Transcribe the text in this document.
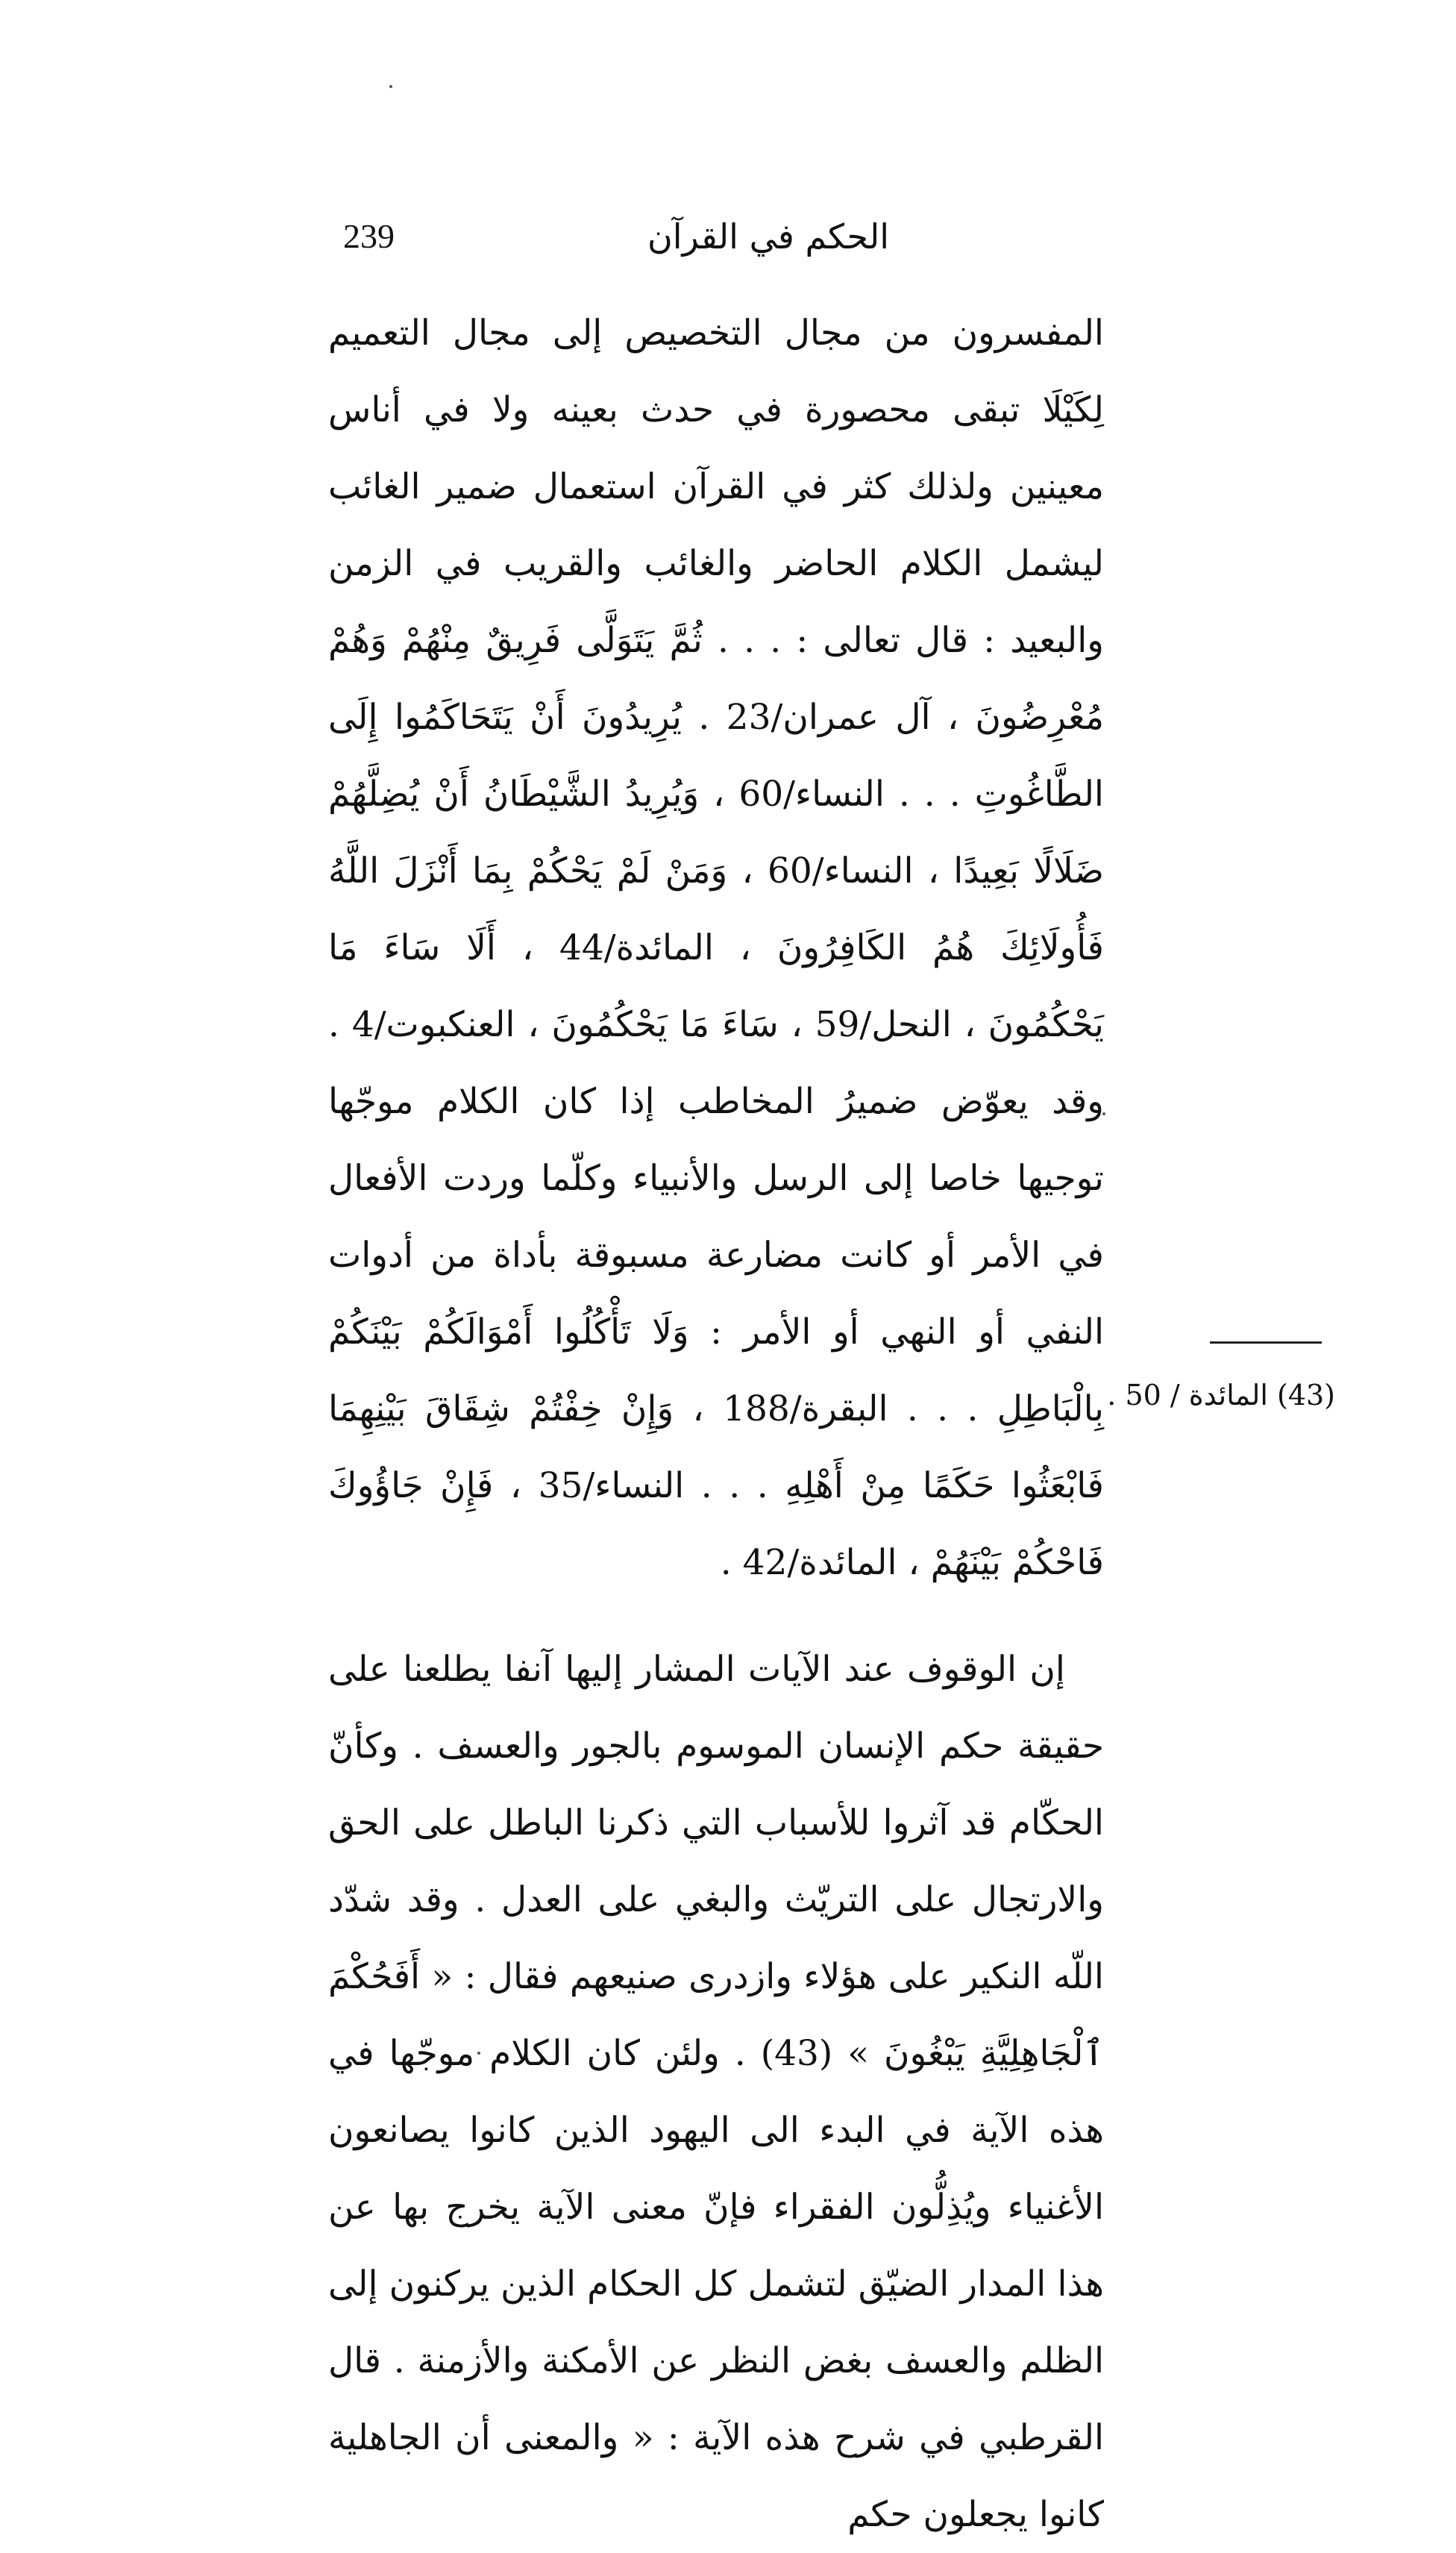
239	الحكم في القرآن

المفسرون من مجال التخصيص إلى مجال التعميم لِكَيْلَا تبقى محصورة في حدث بعينه ولا في أناس معينين ولذلك كثر في القرآن استعمال ضمير الغائب ليشمل الكلام الحاضر والغائب والقريب في الزمن والبعيد : قال تعالى : . . . ثُمَّ يَتَوَلَّى فَرِيقٌ مِنْهُمْ وَهُمْ مُعْرِضُونَ ، آل عمران/23 . يُرِيدُونَ أَنْ يَتَحَاكَمُوا إِلَى الطَّاغُوتِ . . . النساء/60 ، وَيُرِيدُ الشَّيْطَانُ أَنْ يُضِلَّهُمْ ضَلَالًا بَعِيدًا ، النساء/60 ، وَمَنْ لَمْ يَحْكُمْ بِمَا أَنْزَلَ اللَّهُ فَأُولَائِكَ هُمُ الكَافِرُونَ ، المائدة/44 ، أَلَا سَاءَ مَا يَحْكُمُونَ ، النحل/59 ، سَاءَ مَا يَحْكُمُونَ ، العنكبوت/4 . وقد يعوّض ضميرُ المخاطب إذا كان الكلام موجّها توجيها خاصا إلى الرسل والأنبياء وكلّما وردت الأفعال في الأمر أو كانت مضارعة مسبوقة بأداة من أدوات النفي أو النهي أو الأمر : وَلَا تَأْكُلُوا أَمْوَالَكُمْ بَيْنَكُمْ بِالْبَاطِلِ . . . البقرة/188 ، وَإِنْ خِفْتُمْ شِقَاقَ بَيْنِهِمَا فَابْعَثُوا حَكَمًا مِنْ أَهْلِهِ . . . النساء/35 ، فَإِنْ جَاؤُوكَ فَاحْكُمْ بَيْنَهُمْ ، المائدة/42 .

إن الوقوف عند الآيات المشار إليها آنفا يطلعنا على حقيقة حكم الإنسان الموسوم بالجور والعسف . وكأنّ الحكّام قد آثروا للأسباب التي ذكرنا الباطل على الحق والارتجال على التريّث والبغي على العدل . وقد شدّد اللّه النكير على هؤلاء وازدرى صنيعهم فقال : « أَفَحُكْمَ ٱلْجَاهِلِيَّةِ يَبْغُونَ » (43) . ولئن كان الكلام موجّها في هذه الآية في البدء الى اليهود الذين كانوا يصانعون الأغنياء ويُذِلُّون الفقراء فإنّ معنى الآية يخرج بها عن هذا المدار الضيّق لتشمل كل الحكام الذين يركنون إلى الظلم والعسف بغض النظر عن الأمكنة والأزمنة . قال القرطبي في شرح هذه الآية : « والمعنى أن الجاهلية كانوا يجعلون حكم

(43) المائدة / 50 .
